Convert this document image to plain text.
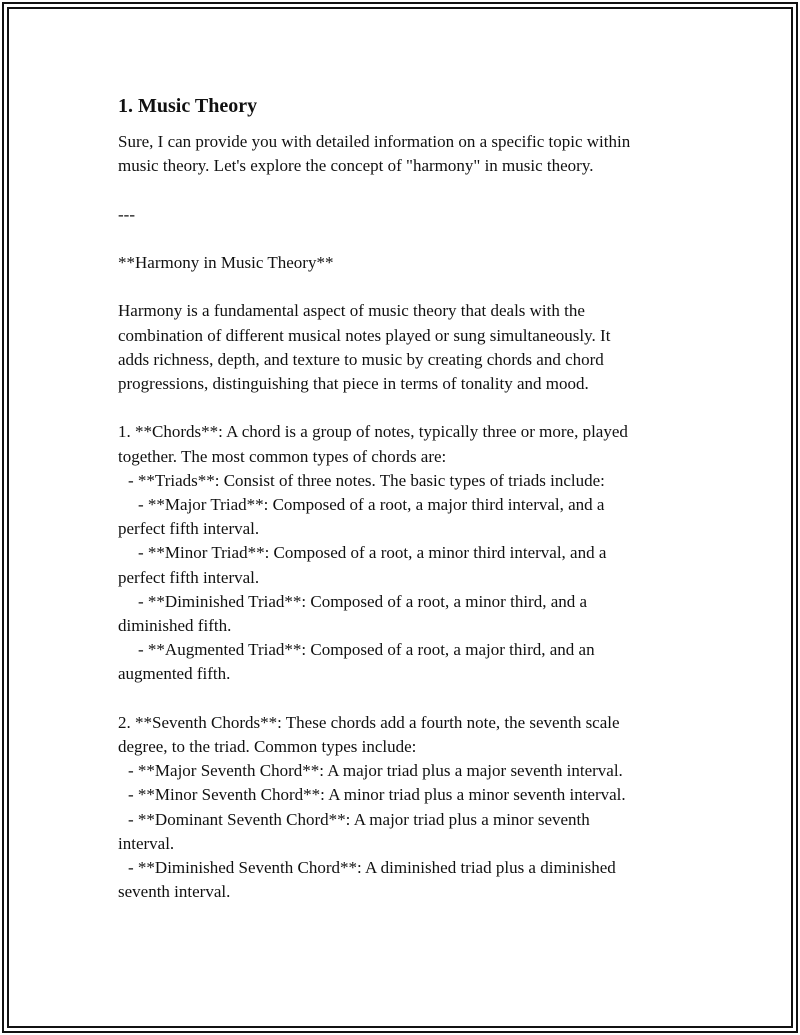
1. Music Theory
Sure, I can provide you with detailed information on a specific topic within
music theory. Let's explore the concept of "harmony" in music theory.
---
**Harmony in Music Theory**
Harmony is a fundamental aspect of music theory that deals with the
combination of different musical notes played or sung simultaneously. It
adds richness, depth, and texture to music by creating chords and chord
progressions, distinguishing that piece in terms of tonality and mood.
1. **Chords**: A chord is a group of notes, typically three or more, played
together. The most common types of chords are:
- **Triads**: Consist of three notes. The basic types of triads include:
- **Major Triad**: Composed of a root, a major third interval, and a
perfect fifth interval.
- **Minor Triad**: Composed of a root, a minor third interval, and a
perfect fifth interval.
- **Diminished Triad**: Composed of a root, a minor third, and a
diminished fifth.
- **Augmented Triad**: Composed of a root, a major third, and an
augmented fifth.
2. **Seventh Chords**: These chords add a fourth note, the seventh scale
degree, to the triad. Common types include:
- **Major Seventh Chord**: A major triad plus a major seventh interval.
- **Minor Seventh Chord**: A minor triad plus a minor seventh interval.
- **Dominant Seventh Chord**: A major triad plus a minor seventh
interval.
- **Diminished Seventh Chord**: A diminished triad plus a diminished
seventh interval.
